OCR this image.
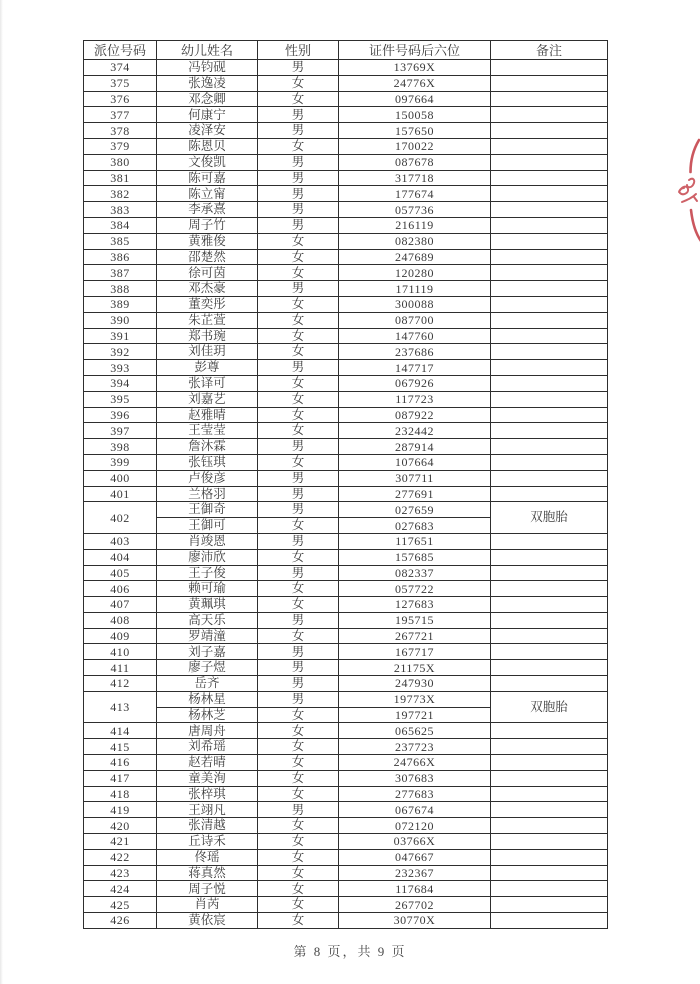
派位号码	幼儿姓名	性别	证件号码后六位	备注
374	冯钧砚	男	13769X	
375	张逸凌	女	24776X	
376	邓念卿	女	097664	
377	何康宁	男	150058	
378	凌泽安	男	157650	
379	陈恩贝	女	170022	
380	文俊凯	男	087678	
381	陈可嘉	男	317718	
382	陈立甯	男	177674	
383	李承熹	男	057736	
384	周子竹	男	216119	
385	黄雅俊	女	082380	
386	邵楚然	女	247689	
387	徐可茵	女	120280	
388	邓杰豪	男	171119	
389	董奕彤	女	300088	
390	朱芷萱	女	087700	
391	郑书琬	女	147760	
392	刘佳玥	女	237686	
393	彭尊	男	147717	
394	张译可	女	067926	
395	刘嘉艺	女	117723	
396	赵雅晴	女	087922	
397	王莹莹	女	232442	
398	詹沐霖	男	287914	
399	张钰琪	女	107664	
400	卢俊彦	男	307711	
401	兰格羽	男	277691	
402	王御奇	男	027659	双胞胎
	王御可	女	027683	
403	肖竣恩	男	117651	
404	廖沛欣	女	157685	
405	王子俊	男	082337	
406	赖可瑜	女	057722	
407	黄珮琪	女	127683	
408	高天乐	男	195715	
409	罗靖潼	女	267721	
410	刘子嘉	男	167717	
411	廖子煜	男	21175X	
412	岳齐	男	247930	
413	杨林星	男	19773X	双胞胎
	杨林芝	女	197721	
414	唐周舟	女	065625	
415	刘希瑶	女	237723	
416	赵若晴	女	24766X	
417	童美洵	女	307683	
418	张梓琪	女	277683	
419	王翊凡	男	067674	
420	张清越	女	072120	
421	丘诗禾	女	03766X	
422	佟瑶	女	047667	
423	蒋真然	女	232367	
424	周子悦	女	117684	
425	肖芮	女	267702	
426	黄依宸	女	30770X	
第 8 页，共 9 页
